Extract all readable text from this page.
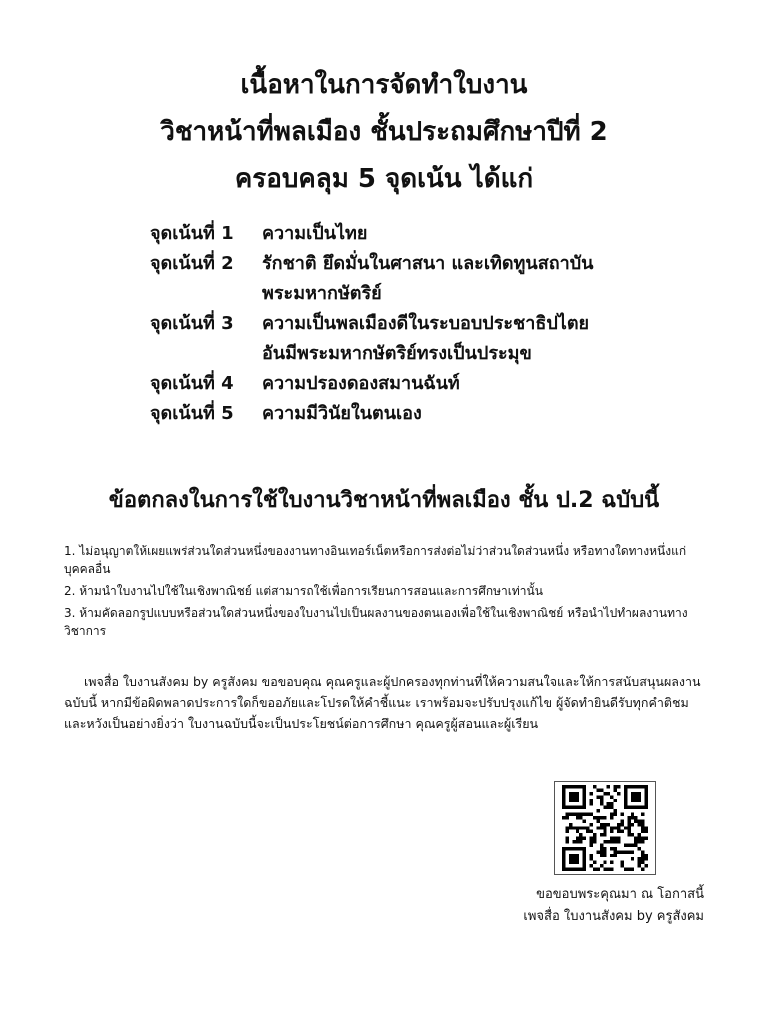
เนื้อหาในการจัดทำใบงาน
วิชาหน้าที่พลเมือง ชั้นประถมศึกษาปีที่ 2
ครอบคลุม 5 จุดเน้น ได้แก่
จุดเน้นที่ 1	ความเป็นไทย
จุดเน้นที่ 2	รักชาติ ยึดมั่นในศาสนา และเทิดทูนสถาบัน
พระมหากษัตริย์
จุดเน้นที่ 3	ความเป็นพลเมืองดีในระบอบประชาธิปไตย
อันมีพระมหากษัตริย์ทรงเป็นประมุข
จุดเน้นที่ 4	ความปรองดองสมานฉันท์
จุดเน้นที่ 5	ความมีวินัยในตนเอง
ข้อตกลงในการใช้ใบงานวิชาหน้าที่พลเมือง ชั้น ป.2 ฉบับนี้

1. ไม่อนุญาตให้เผยแพร่ส่วนใดส่วนหนึ่งของงานทางอินเทอร์เน็ตหรือการส่งต่อไม่ว่าส่วนใดส่วนหนึ่ง หรือทางใดทางหนึ่งแก่บุคคลอื่น

2. ห้ามนำใบงานไปใช้ในเชิงพาณิชย์ แต่สามารถใช้เพื่อการเรียนการสอนและการศึกษาเท่านั้น

3. ห้ามคัดลอกรูปแบบหรือส่วนใดส่วนหนึ่งของใบงานไปเป็นผลงานของตนเองเพื่อใช้ในเชิงพาณิชย์ หรือนำไปทำผลงานทางวิชาการ

เพจสื่อ ใบงานสังคม by ครูสังคม ขอขอบคุณ คุณครูและผู้ปกครองทุกท่านที่ให้ความสนใจและให้การสนับสนุนผลงานฉบับนี้ หากมีข้อผิดพลาดประการใดก็ขออภัยและโปรดให้คำชี้แนะ เราพร้อมจะปรับปรุงแก้ไข ผู้จัดทำยินดีรับทุกคำติชม และหวังเป็นอย่างยิ่งว่า ใบงานฉบับนี้จะเป็นประโยชน์ต่อการศึกษา คุณครูผู้สอนและผู้เรียน

ขอขอบพระคุณมา ณ โอกาสนี้
เพจสื่อ ใบงานสังคม by ครูสังคม
